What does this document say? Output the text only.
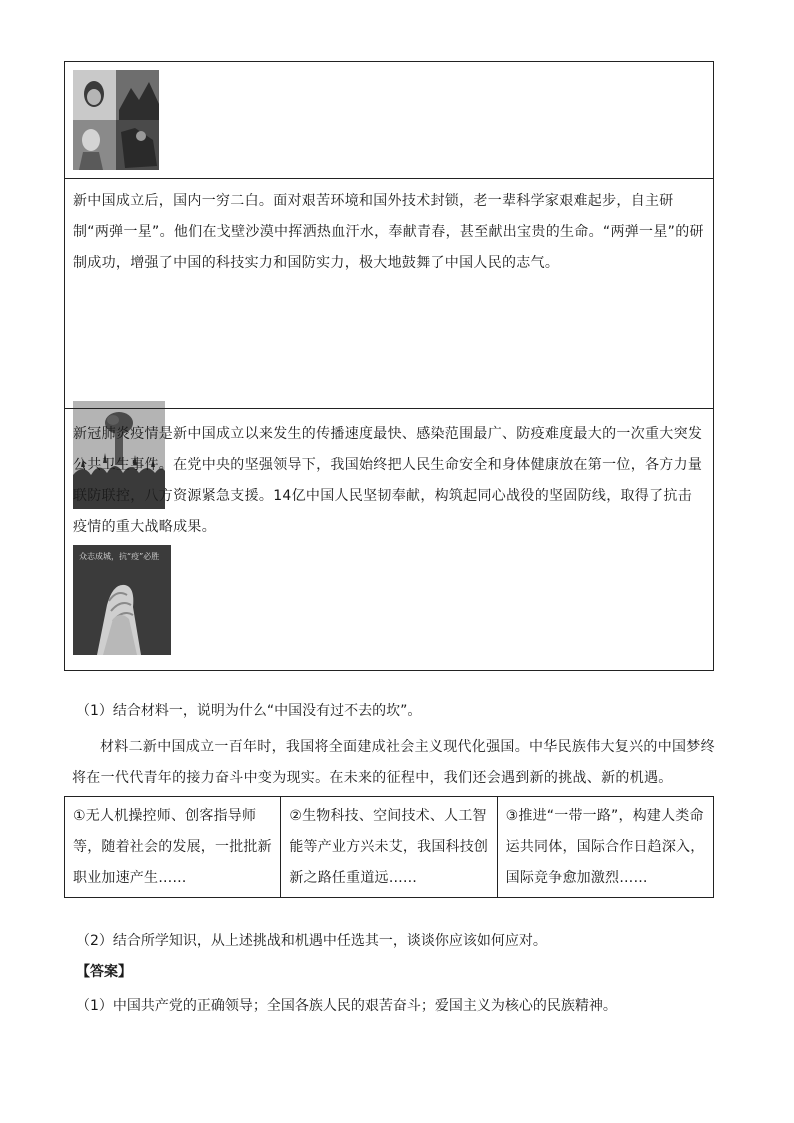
新中国成立后，国内一穷二白。面对艰苦环境和国外技术封锁，老一辈科学家艰难起步，自主研制“两弹一星”。他们在戈壁沙漠中挥洒热血汗水，奉献青春，甚至献出宝贵的生命。“两弹一星”的研制成功，增强了中国的科技实力和国防实力，极大地鼓舞了中国人民的志气。

新冠肺炎疫情是新中国成立以来发生的传播速度最快、感染范围最广、防疫难度最大的一次重大突发公共卫生事件。在党中央的坚强领导下，我国始终把人民生命安全和身体健康放在第一位，各方力量联防联控，八方资源紧急支援。14亿中国人民坚韧奉献，构筑起同心战役的坚固防线，取得了抗击疫情的重大战略成果。

众志成城，抗“疫”必胜

（1）结合材料一，说明为什么“中国没有过不去的坎”。

材料二新中国成立一百年时，我国将全面建成社会主义现代化强国。中华民族伟大复兴的中国梦终将在一代代青年的接力奋斗中变为现实。在未来的征程中，我们还会遇到新的挑战、新的机遇。

①无人机操控师、创客指导师等，随着社会的发展，一批批新职业加速产生……
②生物科技、空间技术、人工智能等产业方兴未艾，我国科技创新之路任重道远……
③推进“一带一路”，构建人类命运共同体，国际合作日趋深入，国际竞争愈加激烈……

（2）结合所学知识，从上述挑战和机遇中任选其一，谈谈你应该如何应对。

【答案】

（1）中国共产党的正确领导；全国各族人民的艰苦奋斗；爱国主义为核心的民族精神。
